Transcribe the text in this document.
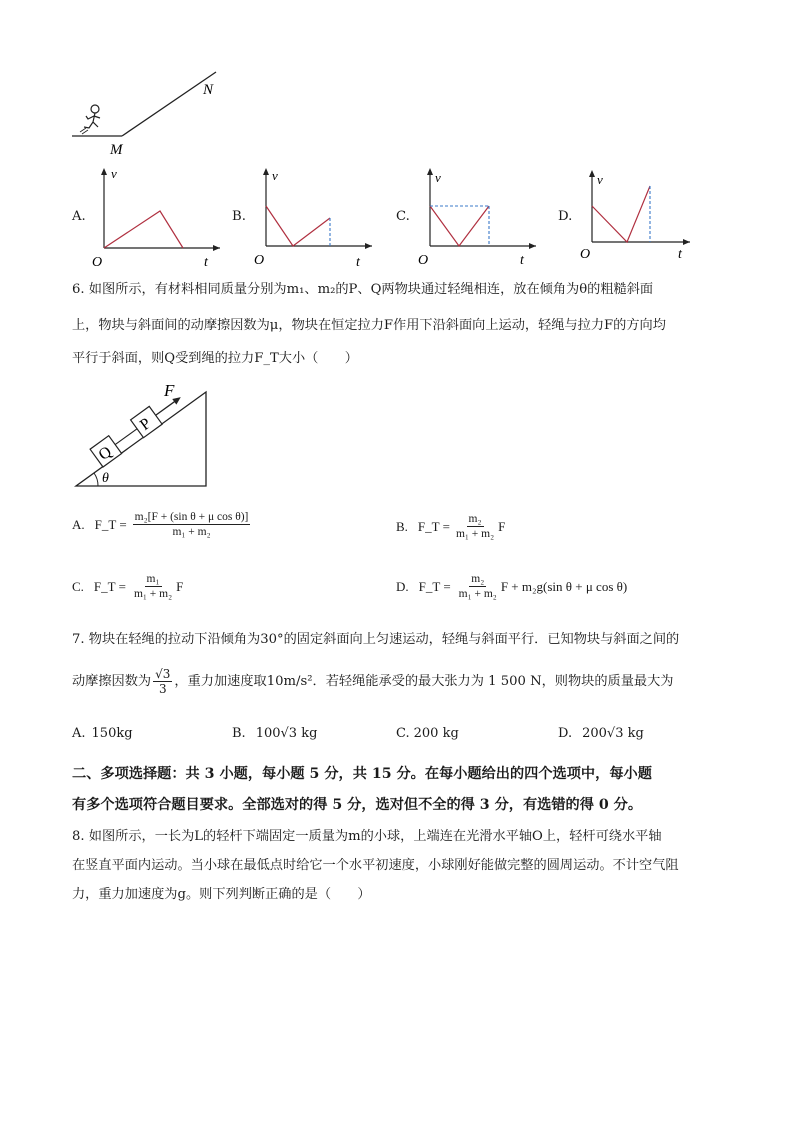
N
M
A.
v
t
O
B.
v
t
O
C.
v
t
O
D.
v
t
O
6. 如图所示，有材料相同质量分别为m₁、m₂的P、Q两物块通过轻绳相连，放在倾角为θ的粗糙斜面
上，物块与斜面间的动摩擦因数为μ，物块在恒定拉力F作用下沿斜面向上运动，轻绳与拉力F的方向均
平行于斜面，则Q受到绳的拉力F_T大小（　　）
Q
P
F
θ
A. F_T = $\frac{\text{m₂[F + (sin θ + μ cos θ)]}}{\text{m₁ + m₂}}$	B. F_T = $\frac{\text{m₂}}{\text{m₁ + m₂}}$ F
C. F_T = $\frac{\text{m₁}}{\text{m₁ + m₂}}$ F	D. F_T = $\frac{\text{m₂}}{\text{m₁ + m₂}}$ F + m₂g(sin θ + μ cos θ)
7. 物块在轻绳的拉动下沿倾角为30°的固定斜面向上匀速运动，轻绳与斜面平行．已知物块与斜面之间的
动摩擦因数为 $\frac{√3}{3}$ ，重力加速度取10m/s²．若轻绳能承受的最大张力为 1 500 N，则物块的质量最大为
A. 150kg	B. 100√3 kg	C. 200 kg	D. 200√3 kg
二、多项选择题：共 3 小题，每小题 5 分，共 15 分。在每小题给出的四个选项中，每小题
有多个选项符合题目要求。全部选对的得 5 分，选对但不全的得 3 分，有选错的得 0 分。
8. 如图所示，一长为L的轻杆下端固定一质量为m的小球，上端连在光滑水平轴O上，轻杆可绕水平轴
在竖直平面内运动。当小球在最低点时给它一个水平初速度，小球刚好能做完整的圆周运动。不计空气阻
力，重力加速度为g。则下列判断正确的是（　　）
